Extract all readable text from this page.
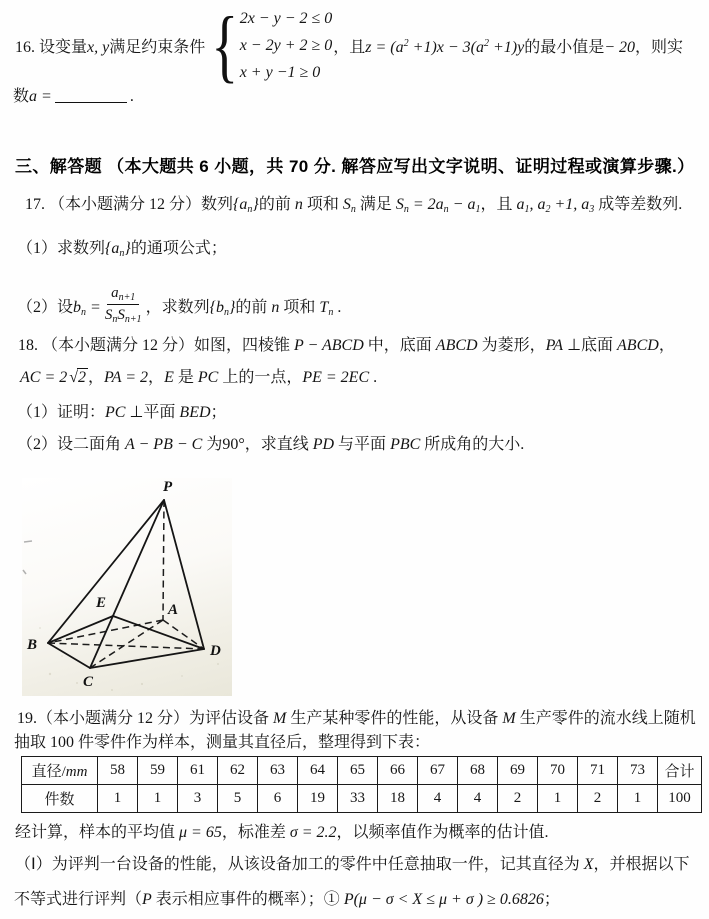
16. 设变量x, y满足约束条件 { 2x − y − 2 ≤ 0
x − 2y + 2 ≥ 0
x + y −1 ≥ 0
，且$z = (a^2 +1)x - 3(a^2 +1)y$的最小值是− 20，则实
数a =	.
三、解答题 （本大题共 6 小题，共 70 分. 解答应写出文字说明、证明过程或演算步骤.）
17. （本小题满分 12 分）数列$\{a_n\}$的前 n 项和 $S_n$ 满足 $S_n = 2a_n - a_1$，且 $a_1$, $a_2 +1$, $a_3$ 成等差数列.
（1）求数列$\{a_n\}$的通项公式；
（2）设$b_n = \frac{a_{n+1}}{S_nS_{n+1}}$ ，求数列$\{b_n\}$的前 n 项和 $T_n$ .
18. （本小题满分 12 分）如图，四棱锥 P − ABCD 中，底面 ABCD 为菱形，PA ⊥底面 ABCD，
AC = 2 √2 ，PA = 2，E 是 PC 上的一点，PE = 2EC .
（1）证明：PC ⊥平面 BED；
（2）设二面角 A − PB − C 为90°，求直线 PD 与平面 PBC 所成角的大小.
P
A
B
C
D
E
19.（本小题满分 12 分）为评估设备 M 生产某种零件的性能，从设备 M 生产零件的流水线上随机
抽取 100 件零件作为样本，测量其直径后，整理得到下表：
直径/mm	58	59	61	62	63	64	65	66	67	68	69	70	71	73	合计
件数	1	1	3	5	6	19	33	18	4	4	2	1	2	1	100
经计算，样本的平均值 μ = 65，标准差 σ = 2.2，以频率值作为概率的估计值.
（Ⅰ）为评判一台设备的性能，从该设备加工的零件中任意抽取一件，记其直径为 X，并根据以下
不等式进行评判（P 表示相应事件的概率）；① P(μ − σ < X ≤ μ + σ ) ≥ 0.6826；
